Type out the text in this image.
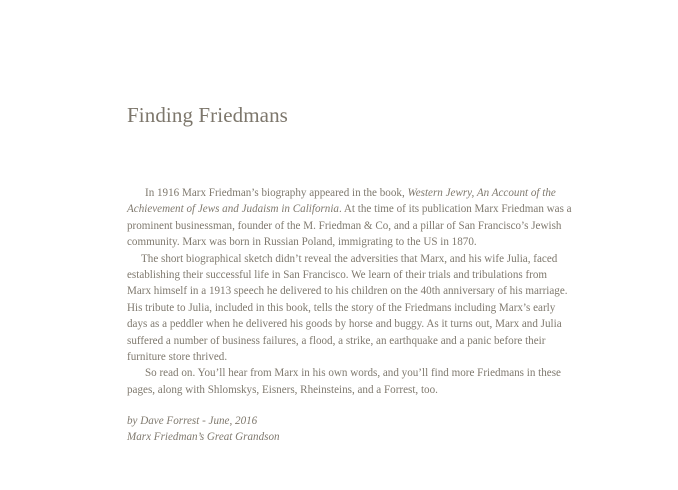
Finding Friedmans

In 1916 Marx Friedman’s biography appeared in the book, Western Jewry, An Account of the Achievement of Jews and Judaism in California. At the time of its publication Marx Friedman was a prominent businessman, founder of the M. Friedman & Co, and a pillar of San Francisco’s Jewish community. Marx was born in Russian Poland, immigrating to the US in 1870.

The short biographical sketch didn’t reveal the adversities that Marx, and his wife Julia, faced establishing their successful life in San Francisco. We learn of their trials and tribulations from Marx himself in a 1913 speech he delivered to his children on the 40th anniversary of his marriage. His tribute to Julia, included in this book, tells the story of the Friedmans including Marx’s early days as a peddler when he delivered his goods by horse and buggy. As it turns out, Marx and Julia suffered a number of business failures, a flood, a strike, an earthquake and a panic before their furniture store thrived.

So read on. You’ll hear from Marx in his own words, and you’ll find more Friedmans in these pages, along with Shlomskys, Eisners, Rheinsteins, and a Forrest, too.

by Dave Forrest - June, 2016
Marx Friedman’s Great Grandson
